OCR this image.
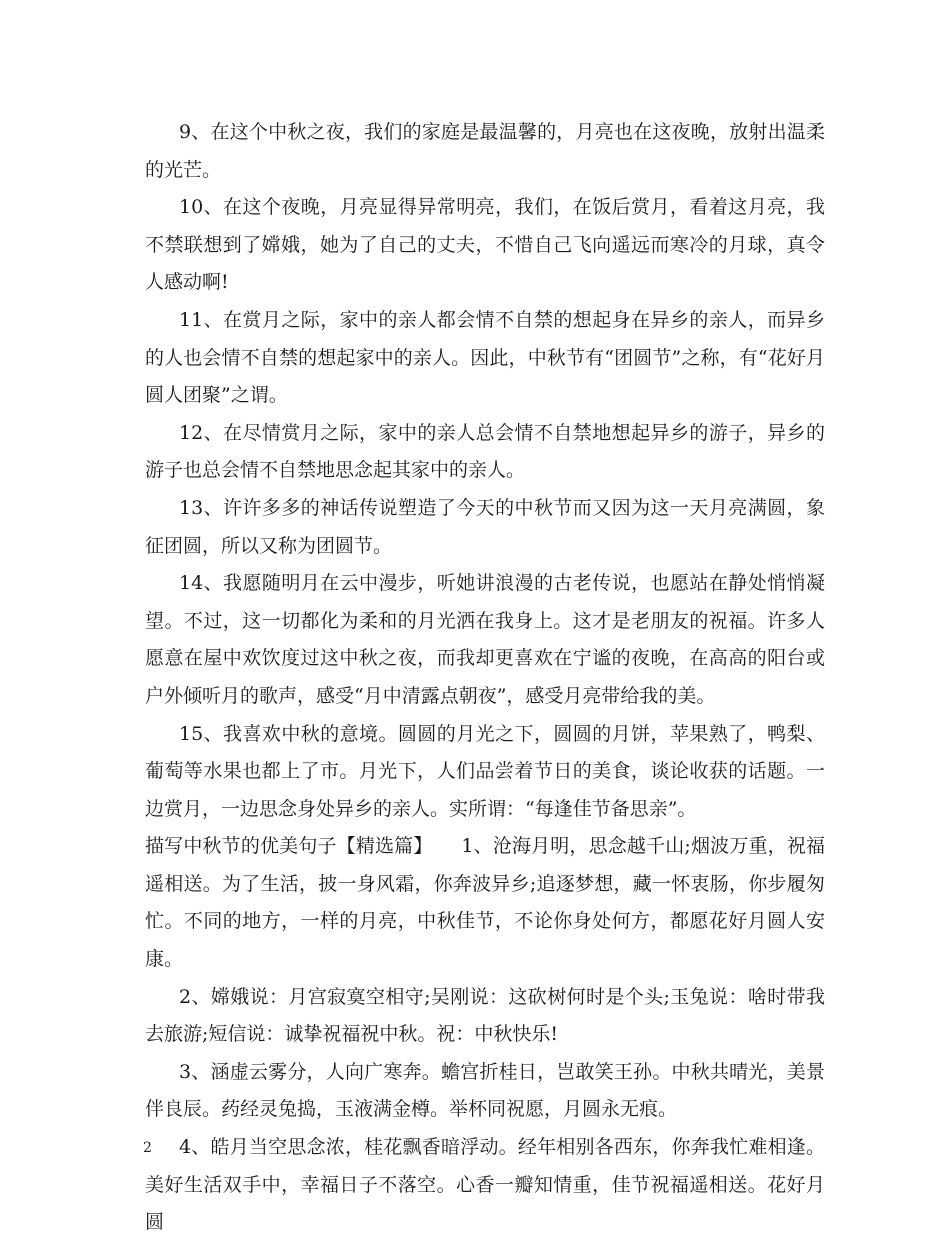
9、在这个中秋之夜，我们的家庭是最温馨的，月亮也在这夜晚，放射出温柔的光芒。

10、在这个夜晚，月亮显得异常明亮，我们，在饭后赏月，看着这月亮，我不禁联想到了嫦娥，她为了自己的丈夫，不惜自己飞向遥远而寒冷的月球，真令人感动啊!

11、在赏月之际，家中的亲人都会情不自禁的想起身在异乡的亲人，而异乡的人也会情不自禁的想起家中的亲人。因此，中秋节有“团圆节”之称，有“花好月圆人团聚”之谓。

12、在尽情赏月之际，家中的亲人总会情不自禁地想起异乡的游子，异乡的游子也总会情不自禁地思念起其家中的亲人。

13、许许多多的神话传说塑造了今天的中秋节而又因为这一天月亮满圆，象征团圆，所以又称为团圆节。

14、我愿随明月在云中漫步，听她讲浪漫的古老传说，也愿站在静处悄悄凝望。不过，这一切都化为柔和的月光洒在我身上。这才是老朋友的祝福。许多人愿意在屋中欢饮度过这中秋之夜，而我却更喜欢在宁谧的夜晚，在高高的阳台或户外倾听月的歌声，感受“月中清露点朝夜”，感受月亮带给我的美。

15、我喜欢中秋的意境。圆圆的月光之下，圆圆的月饼，苹果熟了，鸭梨、葡萄等水果也都上了市。月光下，人们品尝着节日的美食，谈论收获的话题。一边赏月，一边思念身处异乡的亲人。实所谓：“每逢佳节备思亲”。

描写中秋节的优美句子【精选篇】　　1、沧海月明，思念越千山;烟波万重，祝福遥相送。为了生活，披一身风霜，你奔波异乡;追逐梦想，藏一怀衷肠，你步履匆忙。不同的地方，一样的月亮，中秋佳节，不论你身处何方，都愿花好月圆人安康。

2、嫦娥说：月宫寂寞空相守;吴刚说：这砍树何时是个头;玉兔说：啥时带我去旅游;短信说：诚挚祝福祝中秋。祝：中秋快乐!

3、涵虚云雾分，人向广寒奔。蟾宫折桂日，岂敢笑王孙。中秋共晴光，美景伴良辰。药经灵兔捣，玉液满金樽。举杯同祝愿，月圆永无痕。

4、皓月当空思念浓，桂花飘香暗浮动。经年相别各西东，你奔我忙难相逢。美好生活双手中，幸福日子不落空。心香一瓣知情重，佳节祝福遥相送。花好月圆

2
